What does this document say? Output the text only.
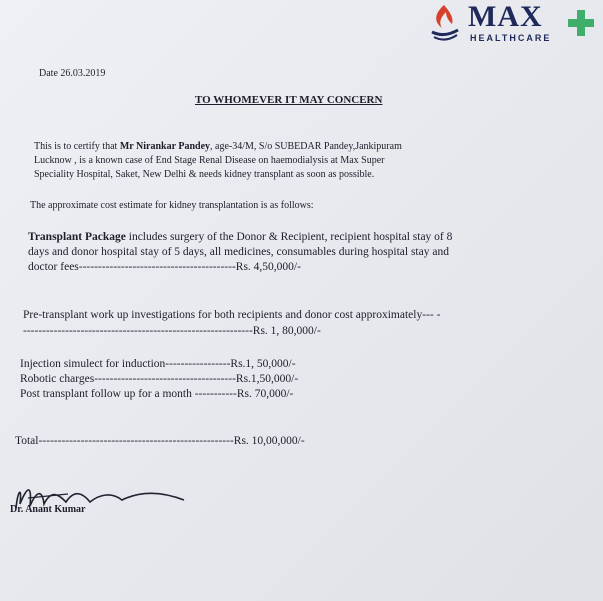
MAX
HEALTHCARE
Date 26.03.2019
TO WHOMEVER IT MAY CONCERN
This is to certify that Mr Nirankar Pandey, age-34/M, S/o SUBEDAR Pandey,Jankipuram
Lucknow , is a known case of End Stage Renal Disease on haemodialysis at Max Super
Speciality Hospital, Saket, New Delhi & needs kidney transplant as soon as possible.
The approximate cost estimate for kidney transplantation is as follows:
Transplant Package includes surgery of the Donor & Recipient, recipient hospital stay of 8
days and donor hospital stay of 5 days, all medicines, consumables during hospital stay and
doctor fees-----------------------------------------Rs. 4,50,000/-
Pre-transplant work up investigations for both recipients and donor cost approximately--- -
------------------------------------------------------------Rs. 1, 80,000/-
Injection simulect for induction-----------------Rs.1, 50,000/-
Robotic charges-------------------------------------Rs.1,50,000/-
Post transplant follow up for a month -----------Rs. 70,000/-
Total---------------------------------------------------Rs. 10,00,000/-
Dr. Anant Kumar
